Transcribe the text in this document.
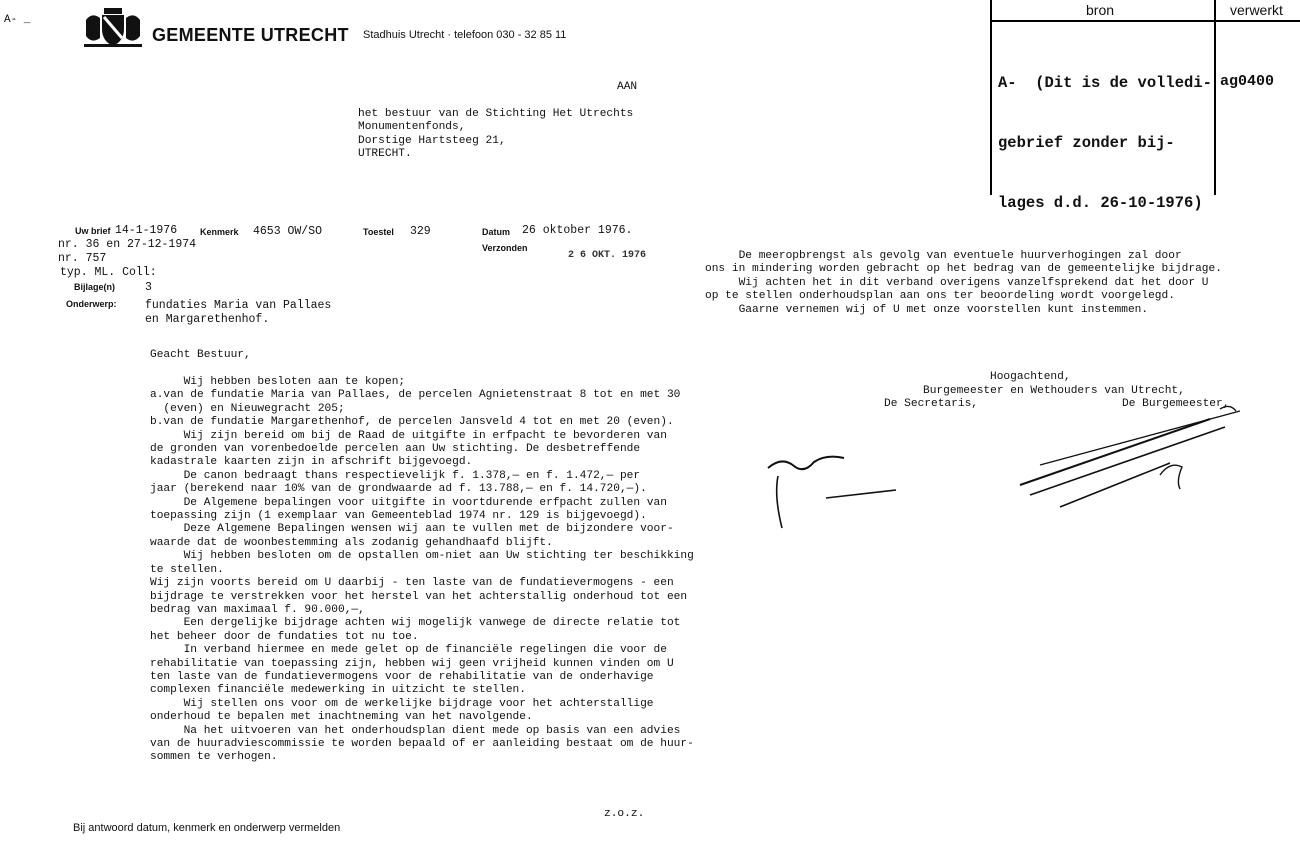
A- _
GEMEENTE UTRECHT Stadhuis Utrecht · telefoon 030 - 32 85 11
AAN
het bestuur van de Stichting Het Utrechts
Monumentenfonds,
Dorstige Hartsteeg 21,
UTRECHT.
bron	verwerkt

A-  (Dit is de volledi-

gebrief zonder bij-

lages d.d. 26-10-1976)

ag0400
Uw brief 14-1-1976
nr. 36 en 27-12-1974
nr. 757
typ. ML. Coll:
Bijlage(n)	3
Onderwerp: fundaties Maria van Pallaes
en Margarethenhof.
Kenmerk 4653 OW/SO	Toestel 329	Datum 26 oktober 1976.
Verzonden
2 6 OKT. 1976
Geacht Bestuur,
Wij hebben besloten aan te kopen;
a.van de fundatie Maria van Pallaes, de percelen Agnietenstraat 8 tot en met 30
(even) en Nieuwegracht 205;
b.van de fundatie Margarethenhof, de percelen Jansveld 4 tot en met 20 (even).
Wij zijn bereid om bij de Raad de uitgifte in erfpacht te bevorderen van
de gronden van vorenbedoelde percelen aan Uw stichting. De desbetreffende
kadastrale kaarten zijn in afschrift bijgevoegd.
De canon bedraagt thans respectievelijk f. 1.378,— en f. 1.472,— per
jaar (berekend naar 10% van de grondwaarde ad f. 13.788,— en f. 14.720,—).
De Algemene bepalingen voor uitgifte in voortdurende erfpacht zullen van
toepassing zijn (1 exemplaar van Gemeenteblad 1974 nr. 129 is bijgevoegd).
Deze Algemene Bepalingen wensen wij aan te vullen met de bijzondere voor-
waarde dat de woonbestemming als zodanig gehandhaafd blijft.
Wij hebben besloten om de opstallen om-niet aan Uw stichting ter beschikking
te stellen.
Wij zijn voorts bereid om U daarbij - ten laste van de fundatievermogens - een
bijdrage te verstrekken voor het herstel van het achterstallig onderhoud tot een
bedrag van maximaal f. 90.000,—,
Een dergelijke bijdrage achten wij mogelijk vanwege de directe relatie tot
het beheer door de fundaties tot nu toe.
In verband hiermee en mede gelet op de financiële regelingen die voor de
rehabilitatie van toepassing zijn, hebben wij geen vrijheid kunnen vinden om U
ten laste van de fundatievermogens voor de rehabilitatie van de onderhavige
complexen financiële medewerking in uitzicht te stellen.
Wij stellen ons voor om de werkelijke bijdrage voor het achterstallige
onderhoud te bepalen met inachtneming van het navolgende.
Na het uitvoeren van het onderhoudsplan dient mede op basis van een advies
van de huuradviescommissie te worden bepaald of er aanleiding bestaat om de huur-
sommen te verhogen.
z.o.z.
Bij antwoord datum, kenmerk en onderwerp vermelden
De meeropbrengst als gevolg van eventuele huurverhogingen zal door
ons in mindering worden gebracht op het bedrag van de gemeentelijke bijdrage.
Wij achten het in dit verband overigens vanzelfsprekend dat het door U
op te stellen onderhoudsplan aan ons ter beoordeling wordt voorgelegd.
Gaarne vernemen wij of U met onze voorstellen kunt instemmen.
Hoogachtend,
Burgemeester en Wethouders van Utrecht,
De Secretaris,	De Burgemeester,
